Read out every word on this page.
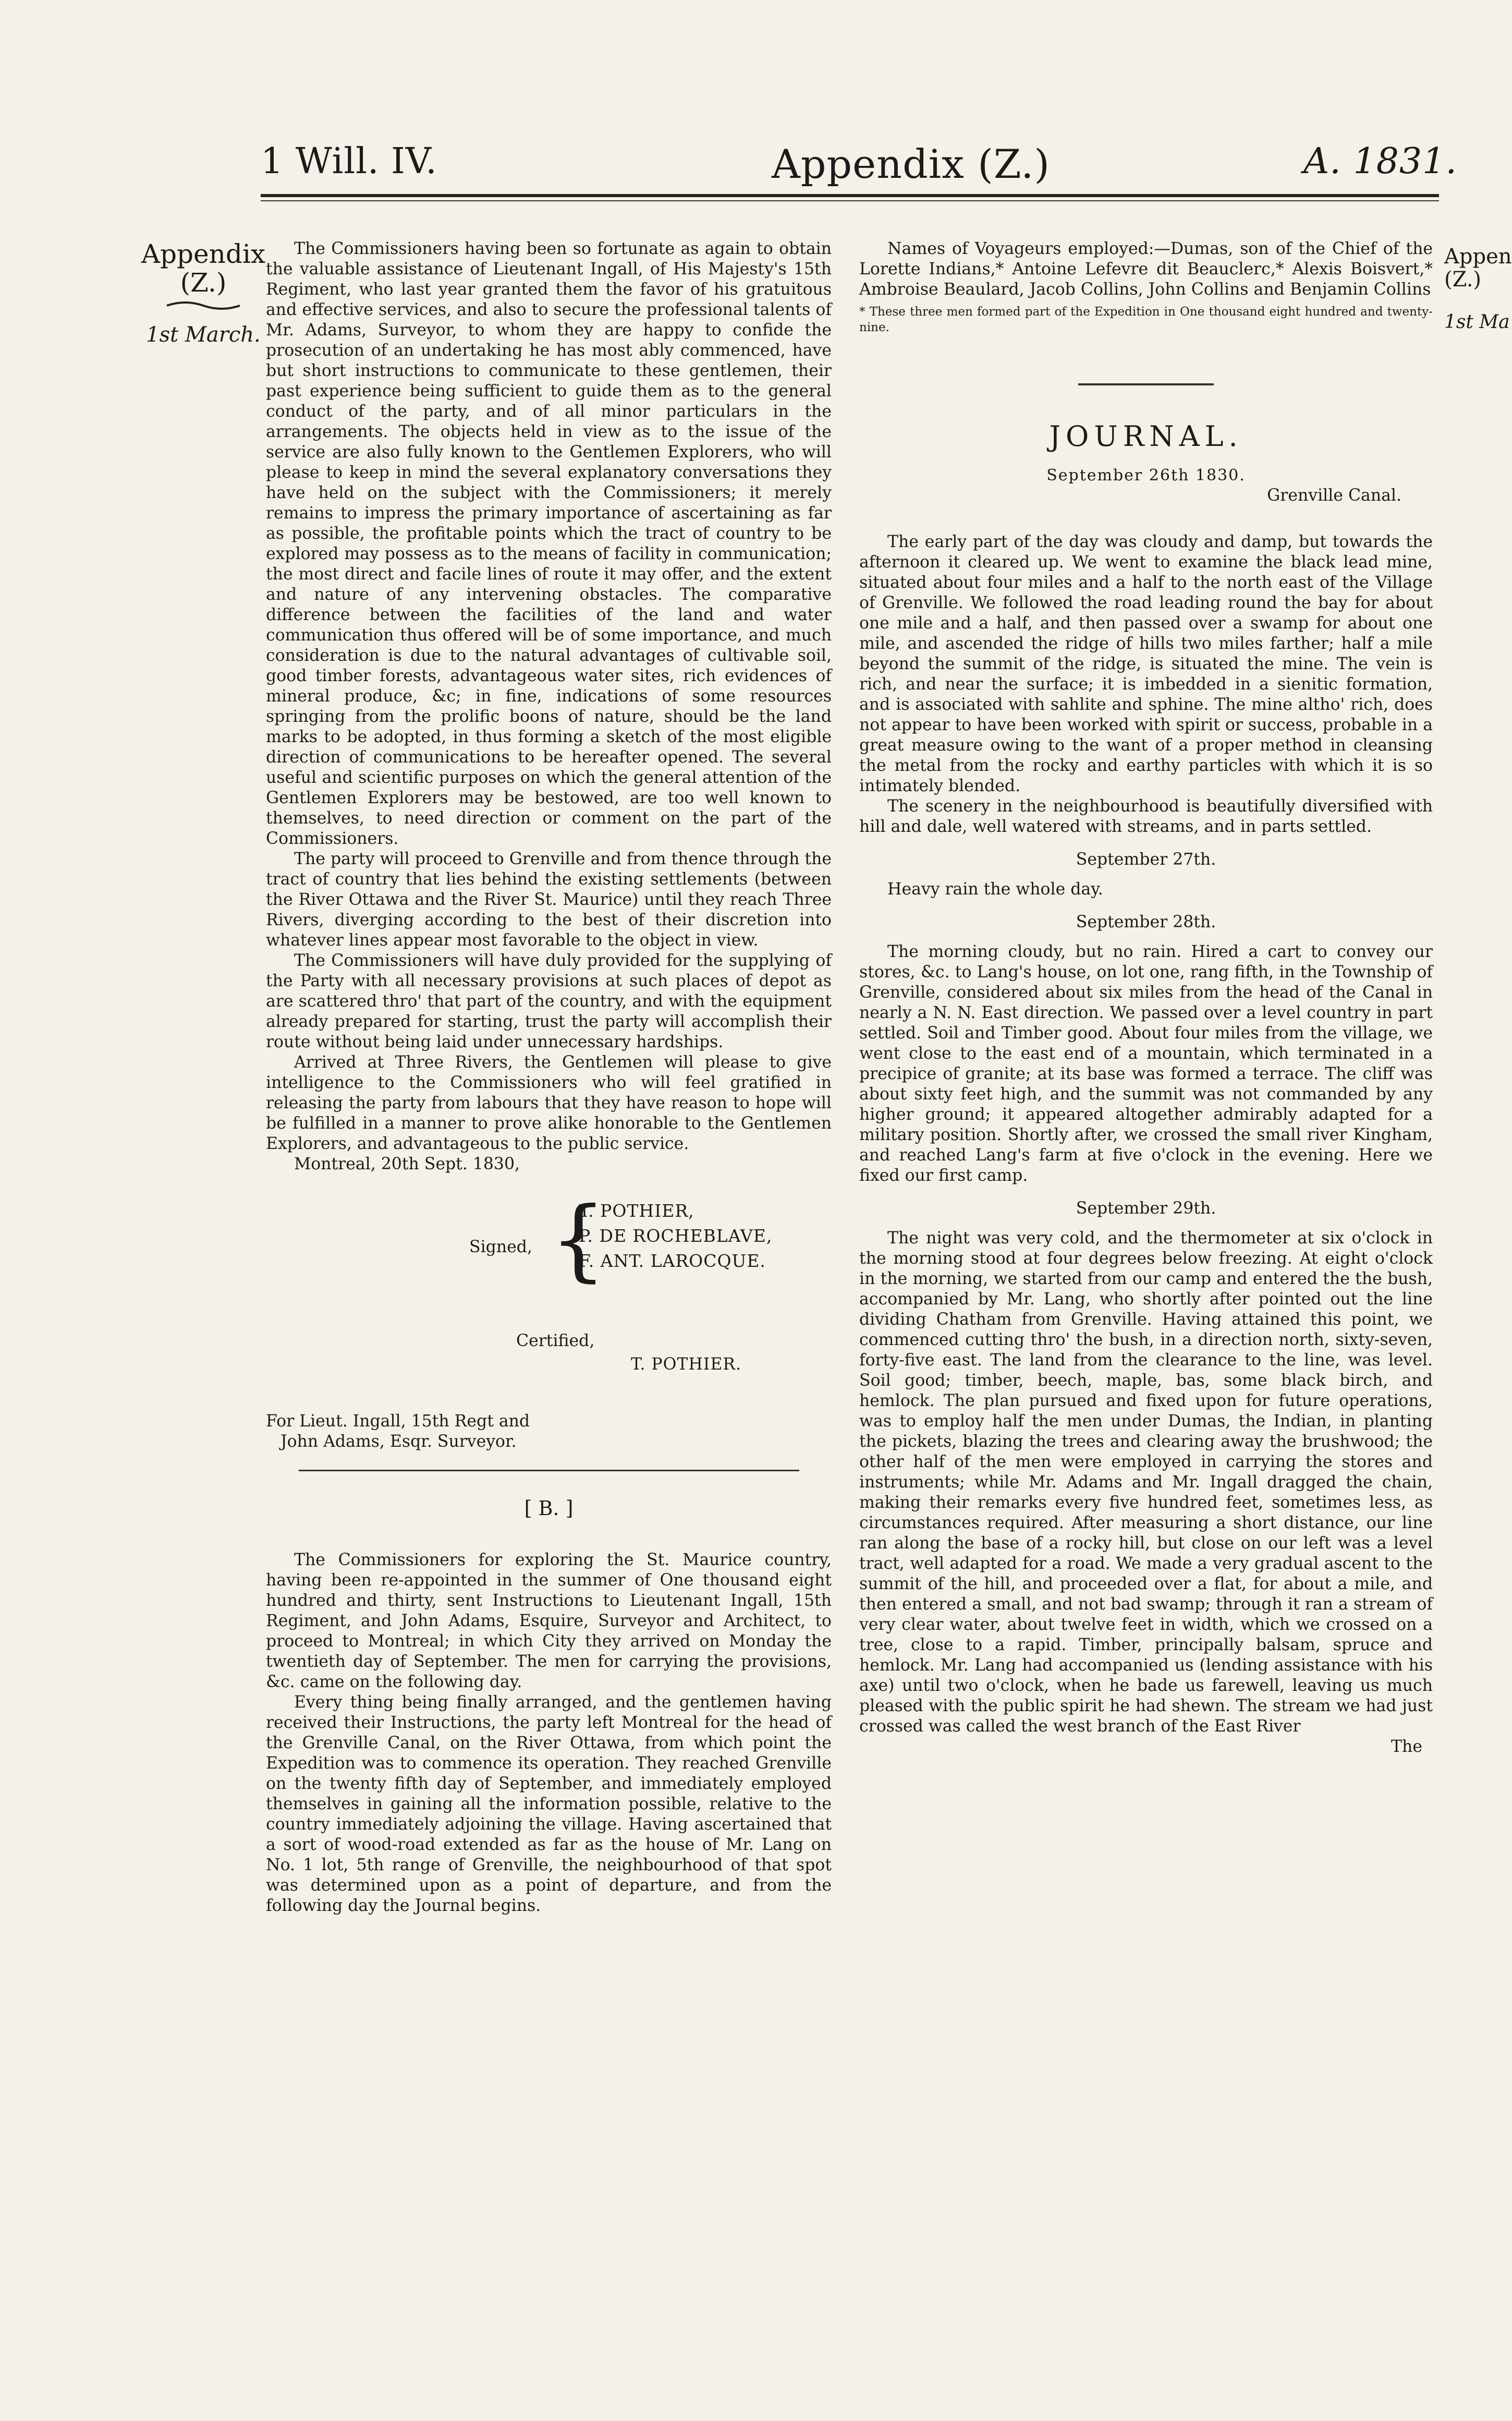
1 Will. IV.	Appendix (Z.)	A. 1831.
Appendix
(Z.)
1st March.
Appen
(Z.)
1st Ma

The Commissioners having been so fortunate as again to obtain the valuable assistance of Lieutenant Ingall, of His Majesty's 15th Regiment, who last year granted them the favor of his gratuitous and effective services, and also to secure the professional talents of Mr. Adams, Surveyor, to whom they are happy to confide the prosecution of an undertaking he has most ably commenced, have but short instructions to communicate to these gentlemen, their past experience being sufficient to guide them as to the general conduct of the party, and of all minor particulars in the arrangements. The objects held in view as to the issue of the service are also fully known to the Gentlemen Explorers, who will please to keep in mind the several explanatory conversations they have held on the subject with the Commissioners; it merely remains to impress the primary importance of ascertaining as far as possible, the profitable points which the tract of country to be explored may possess as to the means of facility in communication; the most direct and facile lines of route it may offer, and the extent and nature of any intervening obstacles. The comparative difference between the facilities of the land and water communication thus offered will be of some importance, and much consideration is due to the natural advantages of cultivable soil, good timber forests, advantageous water sites, rich evidences of mineral produce, &c; in fine, indications of some resources springing from the prolific boons of nature, should be the land marks to be adopted, in thus forming a sketch of the most eligible direction of communications to be hereafter opened. The several useful and scientific purposes on which the general attention of the Gentlemen Explorers may be bestowed, are too well known to themselves, to need direction or comment on the part of the Commissioners.

The party will proceed to Grenville and from thence through the tract of country that lies behind the existing settlements (between the River Ottawa and the River St. Maurice) until they reach Three Rivers, diverging according to the best of their discretion into whatever lines appear most favorable to the object in view.

The Commissioners will have duly provided for the supplying of the Party with all necessary provisions at such places of depot as are scattered thro' that part of the country, and with the equipment already prepared for starting, trust the party will accomplish their route without being laid under unnecessary hardships.

Arrived at Three Rivers, the Gentlemen will please to give intelligence to the Commissioners who will feel gratified in releasing the party from labours that they have reason to hope will be fulfilled in a manner to prove alike honorable to the Gentlemen Explorers, and advantageous to the public service.

Montreal, 20th Sept. 1830,

Signed, {
T. POTHIER,
P. DE ROCHEBLAVE,
F. ANT. LAROCQUE.
Certified,
T. POTHIER.
For Lieut. Ingall, 15th Regt and
John Adams, Esqr. Surveyor.
[ B. ]

The Commissioners for exploring the St. Maurice country, having been re-appointed in the summer of One thousand eight hundred and thirty, sent Instructions to Lieutenant Ingall, 15th Regiment, and John Adams, Esquire, Surveyor and Architect, to proceed to Montreal; in which City they arrived on Monday the twentieth day of September. The men for carrying the provisions, &c. came on the following day.

Every thing being finally arranged, and the gentlemen having received their Instructions, the party left Montreal for the head of the Grenville Canal, on the River Ottawa, from which point the Expedition was to commence its operation. They reached Grenville on the twenty fifth day of September, and immediately employed themselves in gaining all the information possible, relative to the country immediately adjoining the village. Having ascertained that a sort of wood-road extended as far as the house of Mr. Lang on No. 1 lot, 5th range of Grenville, the neighbourhood of that spot was determined upon as a point of departure, and from the following day the Journal begins.

Names of Voyageurs employed:—Dumas, son of the Chief of the Lorette Indians,* Antoine Lefevre dit Beauclerc,* Alexis Boisvert,* Ambroise Beaulard, Jacob Collins, John Collins and Benjamin Collins

* These three men formed part of the Expedition in One thousand eight hundred and twenty-nine.

JOURNAL.
September 26th 1830.
Grenville Canal.

The early part of the day was cloudy and damp, but towards the afternoon it cleared up. We went to examine the black lead mine, situated about four miles and a half to the north east of the Village of Grenville. We followed the road leading round the bay for about one mile and a half, and then passed over a swamp for about one mile, and ascended the ridge of hills two miles farther; half a mile beyond the summit of the ridge, is situated the mine. The vein is rich, and near the surface; it is imbedded in a sienitic formation, and is associated with sahlite and sphine. The mine altho' rich, does not appear to have been worked with spirit or success, probable in a great measure owing to the want of a proper method in cleansing the metal from the rocky and earthy particles with which it is so intimately blended.

The scenery in the neighbourhood is beautifully diversified with hill and dale, well watered with streams, and in parts settled.

September 27th.

Heavy rain the whole day.

September 28th.

The morning cloudy, but no rain. Hired a cart to convey our stores, &c. to Lang's house, on lot one, rang fifth, in the Township of Grenville, considered about six miles from the head of the Canal in nearly a N. N. East direction. We passed over a level country in part settled. Soil and Timber good. About four miles from the village, we went close to the east end of a mountain, which terminated in a precipice of granite; at its base was formed a terrace. The cliff was about sixty feet high, and the summit was not commanded by any higher ground; it appeared altogether admirably adapted for a military position. Shortly after, we crossed the small river Kingham, and reached Lang's farm at five o'clock in the evening. Here we fixed our first camp.

September 29th.

The night was very cold, and the thermometer at six o'clock in the morning stood at four degrees below freezing. At eight o'clock in the morning, we started from our camp and entered the the bush, accompanied by Mr. Lang, who shortly after pointed out the line dividing Chatham from Grenville. Having attained this point, we commenced cutting thro' the bush, in a direction north, sixty-seven, forty-five east. The land from the clearance to the line, was level. Soil good; timber, beech, maple, bas, some black birch, and hemlock. The plan pursued and fixed upon for future operations, was to employ half the men under Dumas, the Indian, in planting the pickets, blazing the trees and clearing away the brushwood; the other half of the men were employed in carrying the stores and instruments; while Mr. Adams and Mr. Ingall dragged the chain, making their remarks every five hundred feet, sometimes less, as circumstances required. After measuring a short distance, our line ran along the base of a rocky hill, but close on our left was a level tract, well adapted for a road. We made a very gradual ascent to the summit of the hill, and proceeded over a flat, for about a mile, and then entered a small, and not bad swamp; through it ran a stream of very clear water, about twelve feet in width, which we crossed on a tree, close to a rapid. Timber, principally balsam, spruce and hemlock. Mr. Lang had accompanied us (lending assistance with his axe) until two o'clock, when he bade us farewell, leaving us much pleased with the public spirit he had shewn. The stream we had just crossed was called the west branch of the East River

The
